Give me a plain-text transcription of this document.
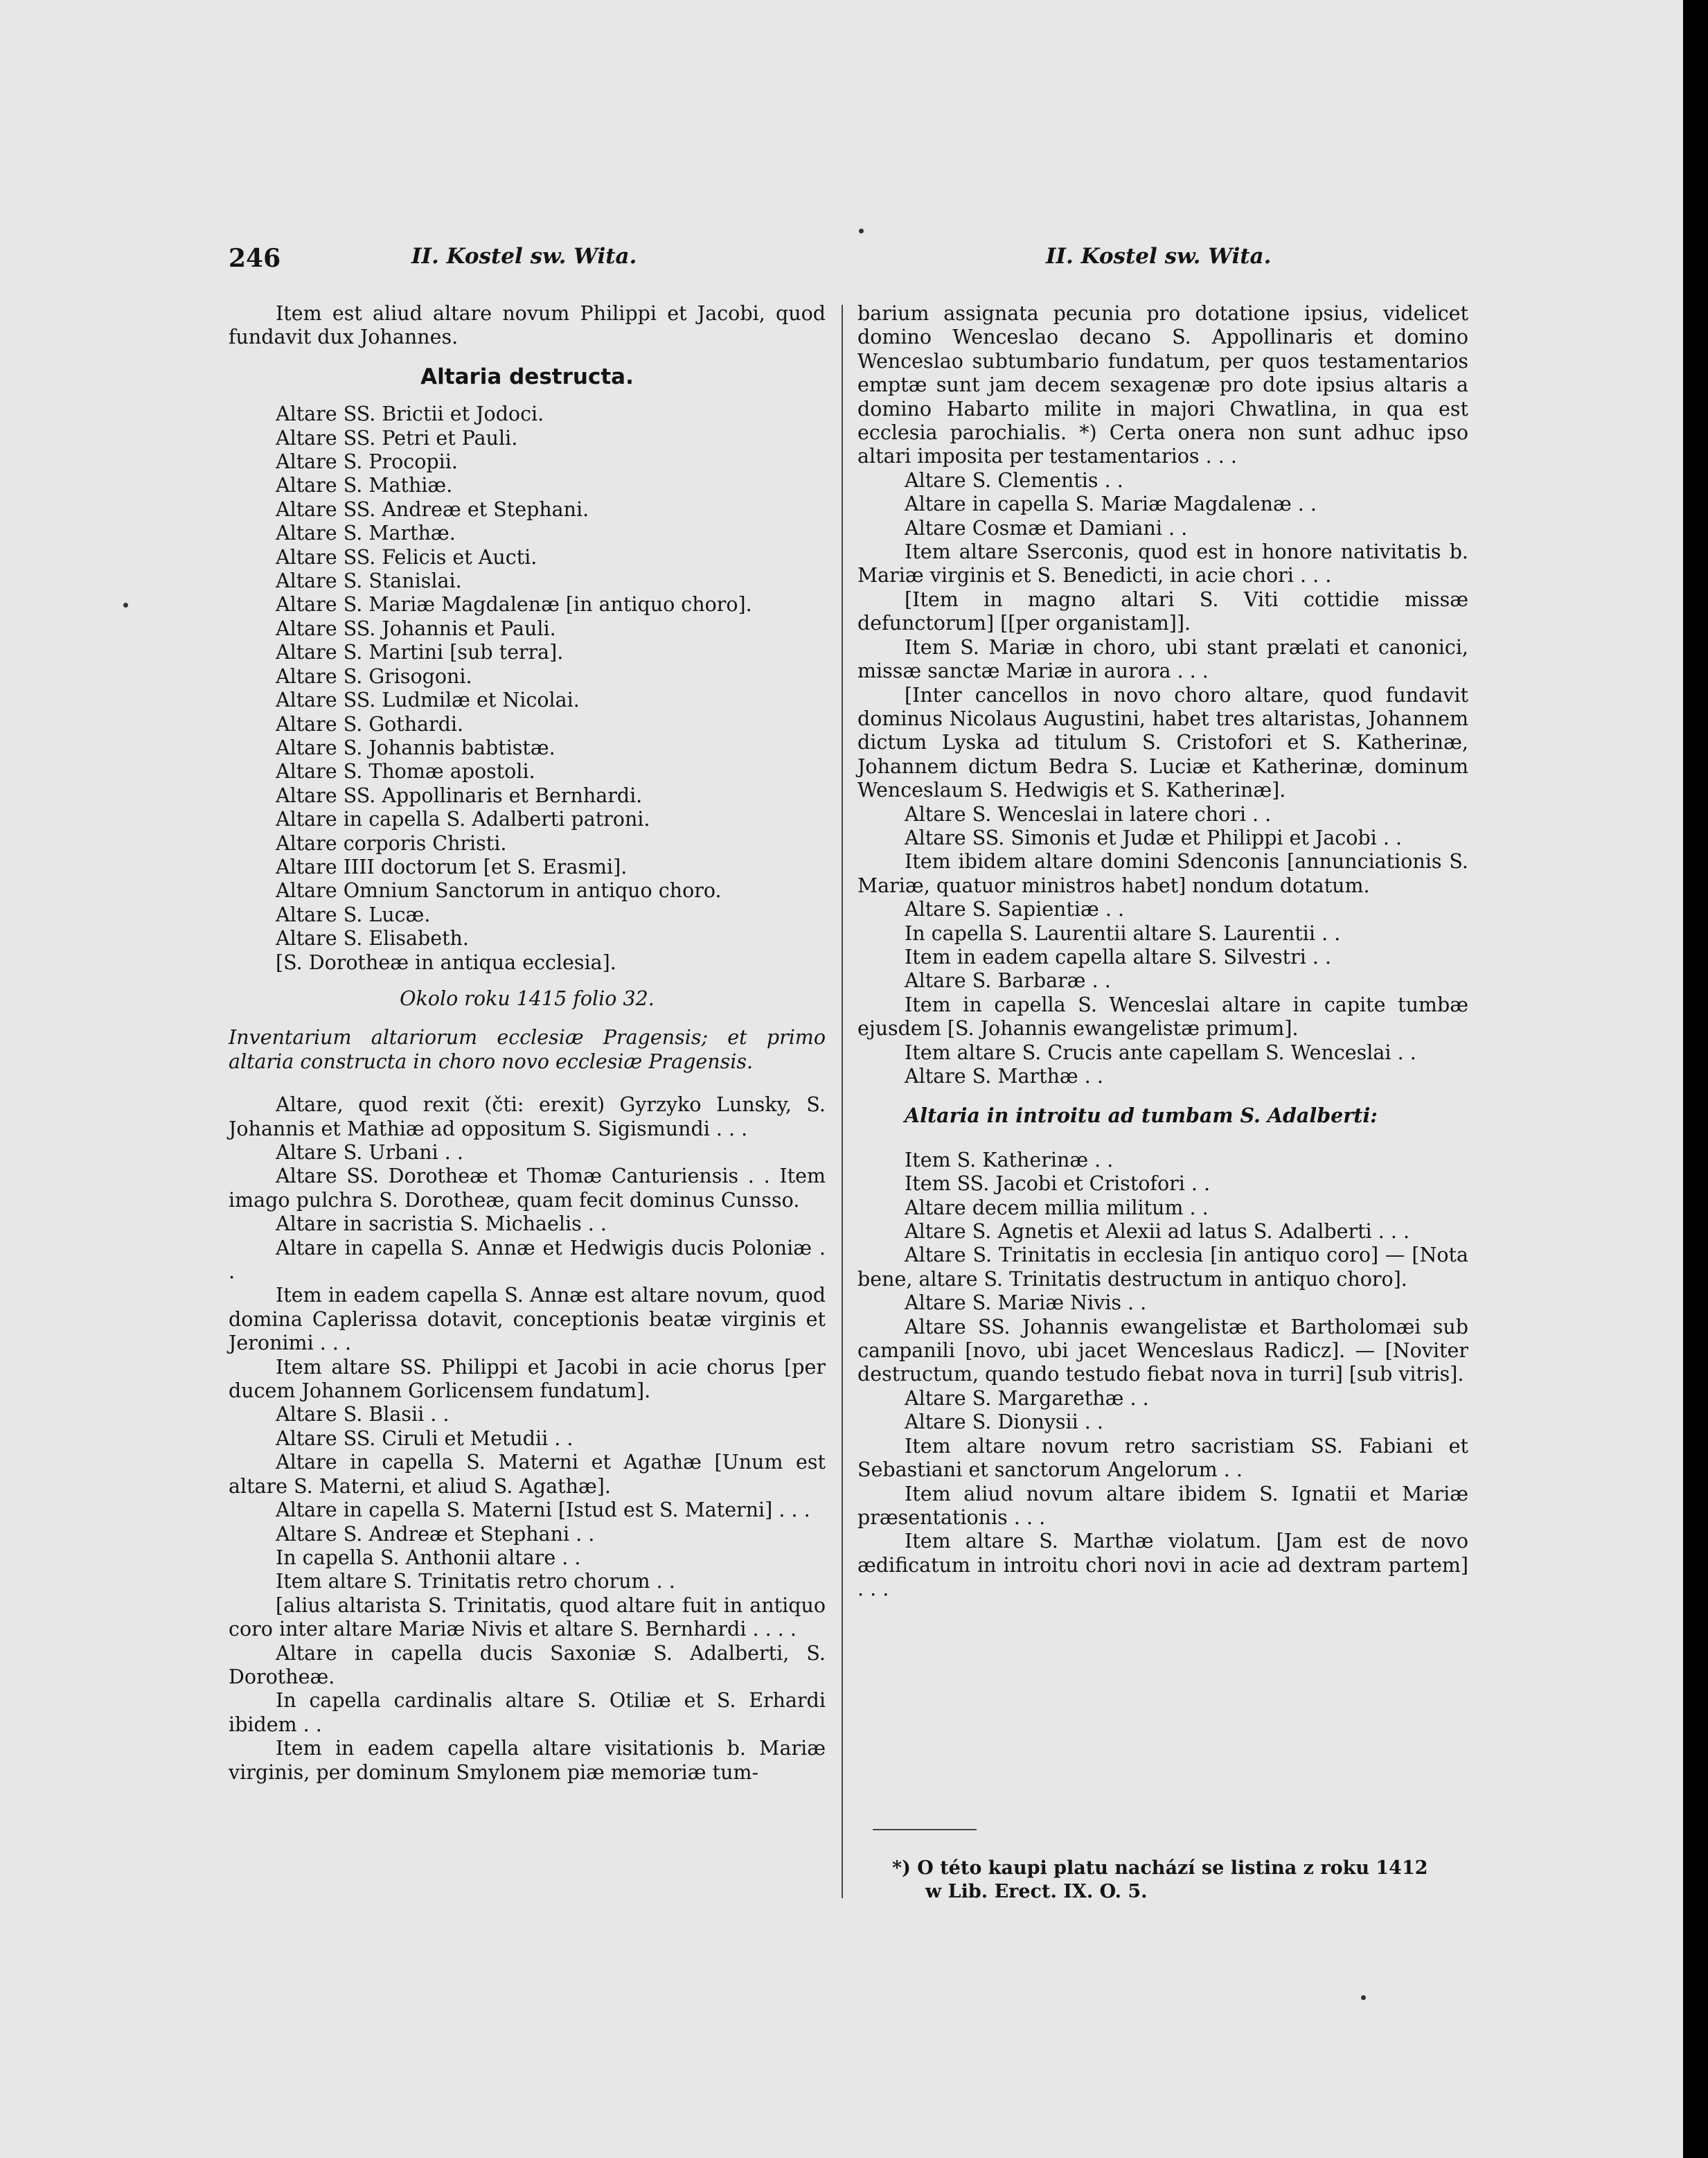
246	II. Kostel sw. Wita.	II. Kostel sw. Wita.
Item est aliud altare novum Philippi et Jacobi, quod fundavit dux Johannes.
Altaria destructa.
Altare SS. Brictii et Jodoci.
Altare SS. Petri et Pauli.
Altare S. Procopii.
Altare S. Mathiæ.
Altare SS. Andreæ et Stephani.
Altare S. Marthæ.
Altare SS. Felicis et Aucti.
Altare S. Stanislai.
Altare S. Mariæ Magdalenæ [in antiquo choro].
Altare SS. Johannis et Pauli.
Altare S. Martini [sub terra].
Altare S. Grisogoni.
Altare SS. Ludmilæ et Nicolai.
Altare S. Gothardi.
Altare S. Johannis babtistæ.
Altare S. Thomæ apostoli.
Altare SS. Appollinaris et Bernhardi.
Altare in capella S. Adalberti patroni.
Altare corporis Christi.
Altare IIII doctorum [et S. Erasmi].
Altare Omnium Sanctorum in antiquo choro.
Altare S. Lucæ.
Altare S. Elisabeth.
[S. Dorotheæ in antiqua ecclesia].
Okolo roku 1415 folio 32.
Inventarium altariorum ecclesiæ Pragensis; et primo altaria constructa in choro novo ecclesiæ Pragensis.
Altare, quod rexit (čti: erexit) Gyrzyko Lunsky, S. Johannis et Mathiæ ad oppositum S. Sigismundi . . .
Altare S. Urbani . .
Altare SS. Dorotheæ et Thomæ Canturiensis . . Item imago pulchra S. Dorotheæ, quam fecit dominus Cunsso.
Altare in sacristia S. Michaelis . .
Altare in capella S. Annæ et Hedwigis ducis Poloniæ . .
Item in eadem capella S. Annæ est altare novum, quod domina Caplerissa dotavit, conceptionis beatæ virginis et Jeronimi . . .
Item altare SS. Philippi et Jacobi in acie chorus [per ducem Johannem Gorlicensem fundatum].
Altare S. Blasii . .
Altare SS. Ciruli et Metudii . .
Altare in capella S. Materni et Agathæ [Unum est altare S. Materni, et aliud S. Agathæ].
Altare in capella S. Materni [Istud est S. Materni] . . .
Altare S. Andreæ et Stephani . .
In capella S. Anthonii altare . .
Item altare S. Trinitatis retro chorum . .
[alius altarista S. Trinitatis, quod altare fuit in antiquo coro inter altare Mariæ Nivis et altare S. Bernhardi . . . .
Altare in capella ducis Saxoniæ S. Adalberti, S. Dorotheæ.
In capella cardinalis altare S. Otiliæ et S. Erhardi ibidem . .
Item in eadem capella altare visitationis b. Mariæ virginis, per dominum Smylonem piæ memoriæ tum-
barium assignata pecunia pro dotatione ipsius, videlicet domino Wenceslao decano S. Appollinaris et domino Wenceslao subtumbario fundatum, per quos testamentarios emptæ sunt jam decem sexagenæ pro dote ipsius altaris a domino Habarto milite in majori Chwatlina, in qua est ecclesia parochialis. *) Certa onera non sunt adhuc ipso altari imposita per testamentarios . . .
Altare S. Clementis . .
Altare in capella S. Mariæ Magdalenæ . .
Altare Cosmæ et Damiani . .
Item altare Sserconis, quod est in honore nativitatis b. Mariæ virginis et S. Benedicti, in acie chori . . .
[Item in magno altari S. Viti cottidie missæ defunctorum] [[per organistam]].
Item S. Mariæ in choro, ubi stant prælati et canonici, missæ sanctæ Mariæ in aurora . . .
[Inter cancellos in novo choro altare, quod fundavit dominus Nicolaus Augustini, habet tres altaristas, Johannem dictum Lyska ad titulum S. Cristofori et S. Katherinæ, Johannem dictum Bedra S. Luciæ et Katherinæ, dominum Wenceslaum S. Hedwigis et S. Katherinæ].
Altare S. Wenceslai in latere chori . .
Altare SS. Simonis et Judæ et Philippi et Jacobi . .
Item ibidem altare domini Sdenconis [annunciationis S. Mariæ, quatuor ministros habet] nondum dotatum.
Altare S. Sapientiæ . .
In capella S. Laurentii altare S. Laurentii . .
Item in eadem capella altare S. Silvestri . .
Altare S. Barbaræ . .
Item in capella S. Wenceslai altare in capite tumbæ ejusdem [S. Johannis ewangelistæ primum].
Item altare S. Crucis ante capellam S. Wenceslai . .
Altare S. Marthæ . .
Altaria in introitu ad tumbam S. Adalberti:
Item S. Katherinæ . .
Item SS. Jacobi et Cristofori . .
Altare decem millia militum . .
Altare S. Agnetis et Alexii ad latus S. Adalberti . . .
Altare S. Trinitatis in ecclesia [in antiquo coro] — [Nota bene, altare S. Trinitatis destructum in antiquo choro].
Altare S. Mariæ Nivis . .
Altare SS. Johannis ewangelistæ et Bartholomæi sub campanili [novo, ubi jacet Wenceslaus Radicz]. — [Noviter destructum, quando testudo fiebat nova in turri] [sub vitris].
Altare S. Margarethæ . .
Altare S. Dionysii . .
Item altare novum retro sacristiam SS. Fabiani et Sebastiani et sanctorum Angelorum . .
Item aliud novum altare ibidem S. Ignatii et Mariæ præsentationis . . .
Item altare S. Marthæ violatum. [Jam est de novo ædificatum in introitu chori novi in acie ad dextram partem] . . .
*) O této kaupi platu nachází se listina z roku 1412
w Lib. Erect. IX. O. 5.
